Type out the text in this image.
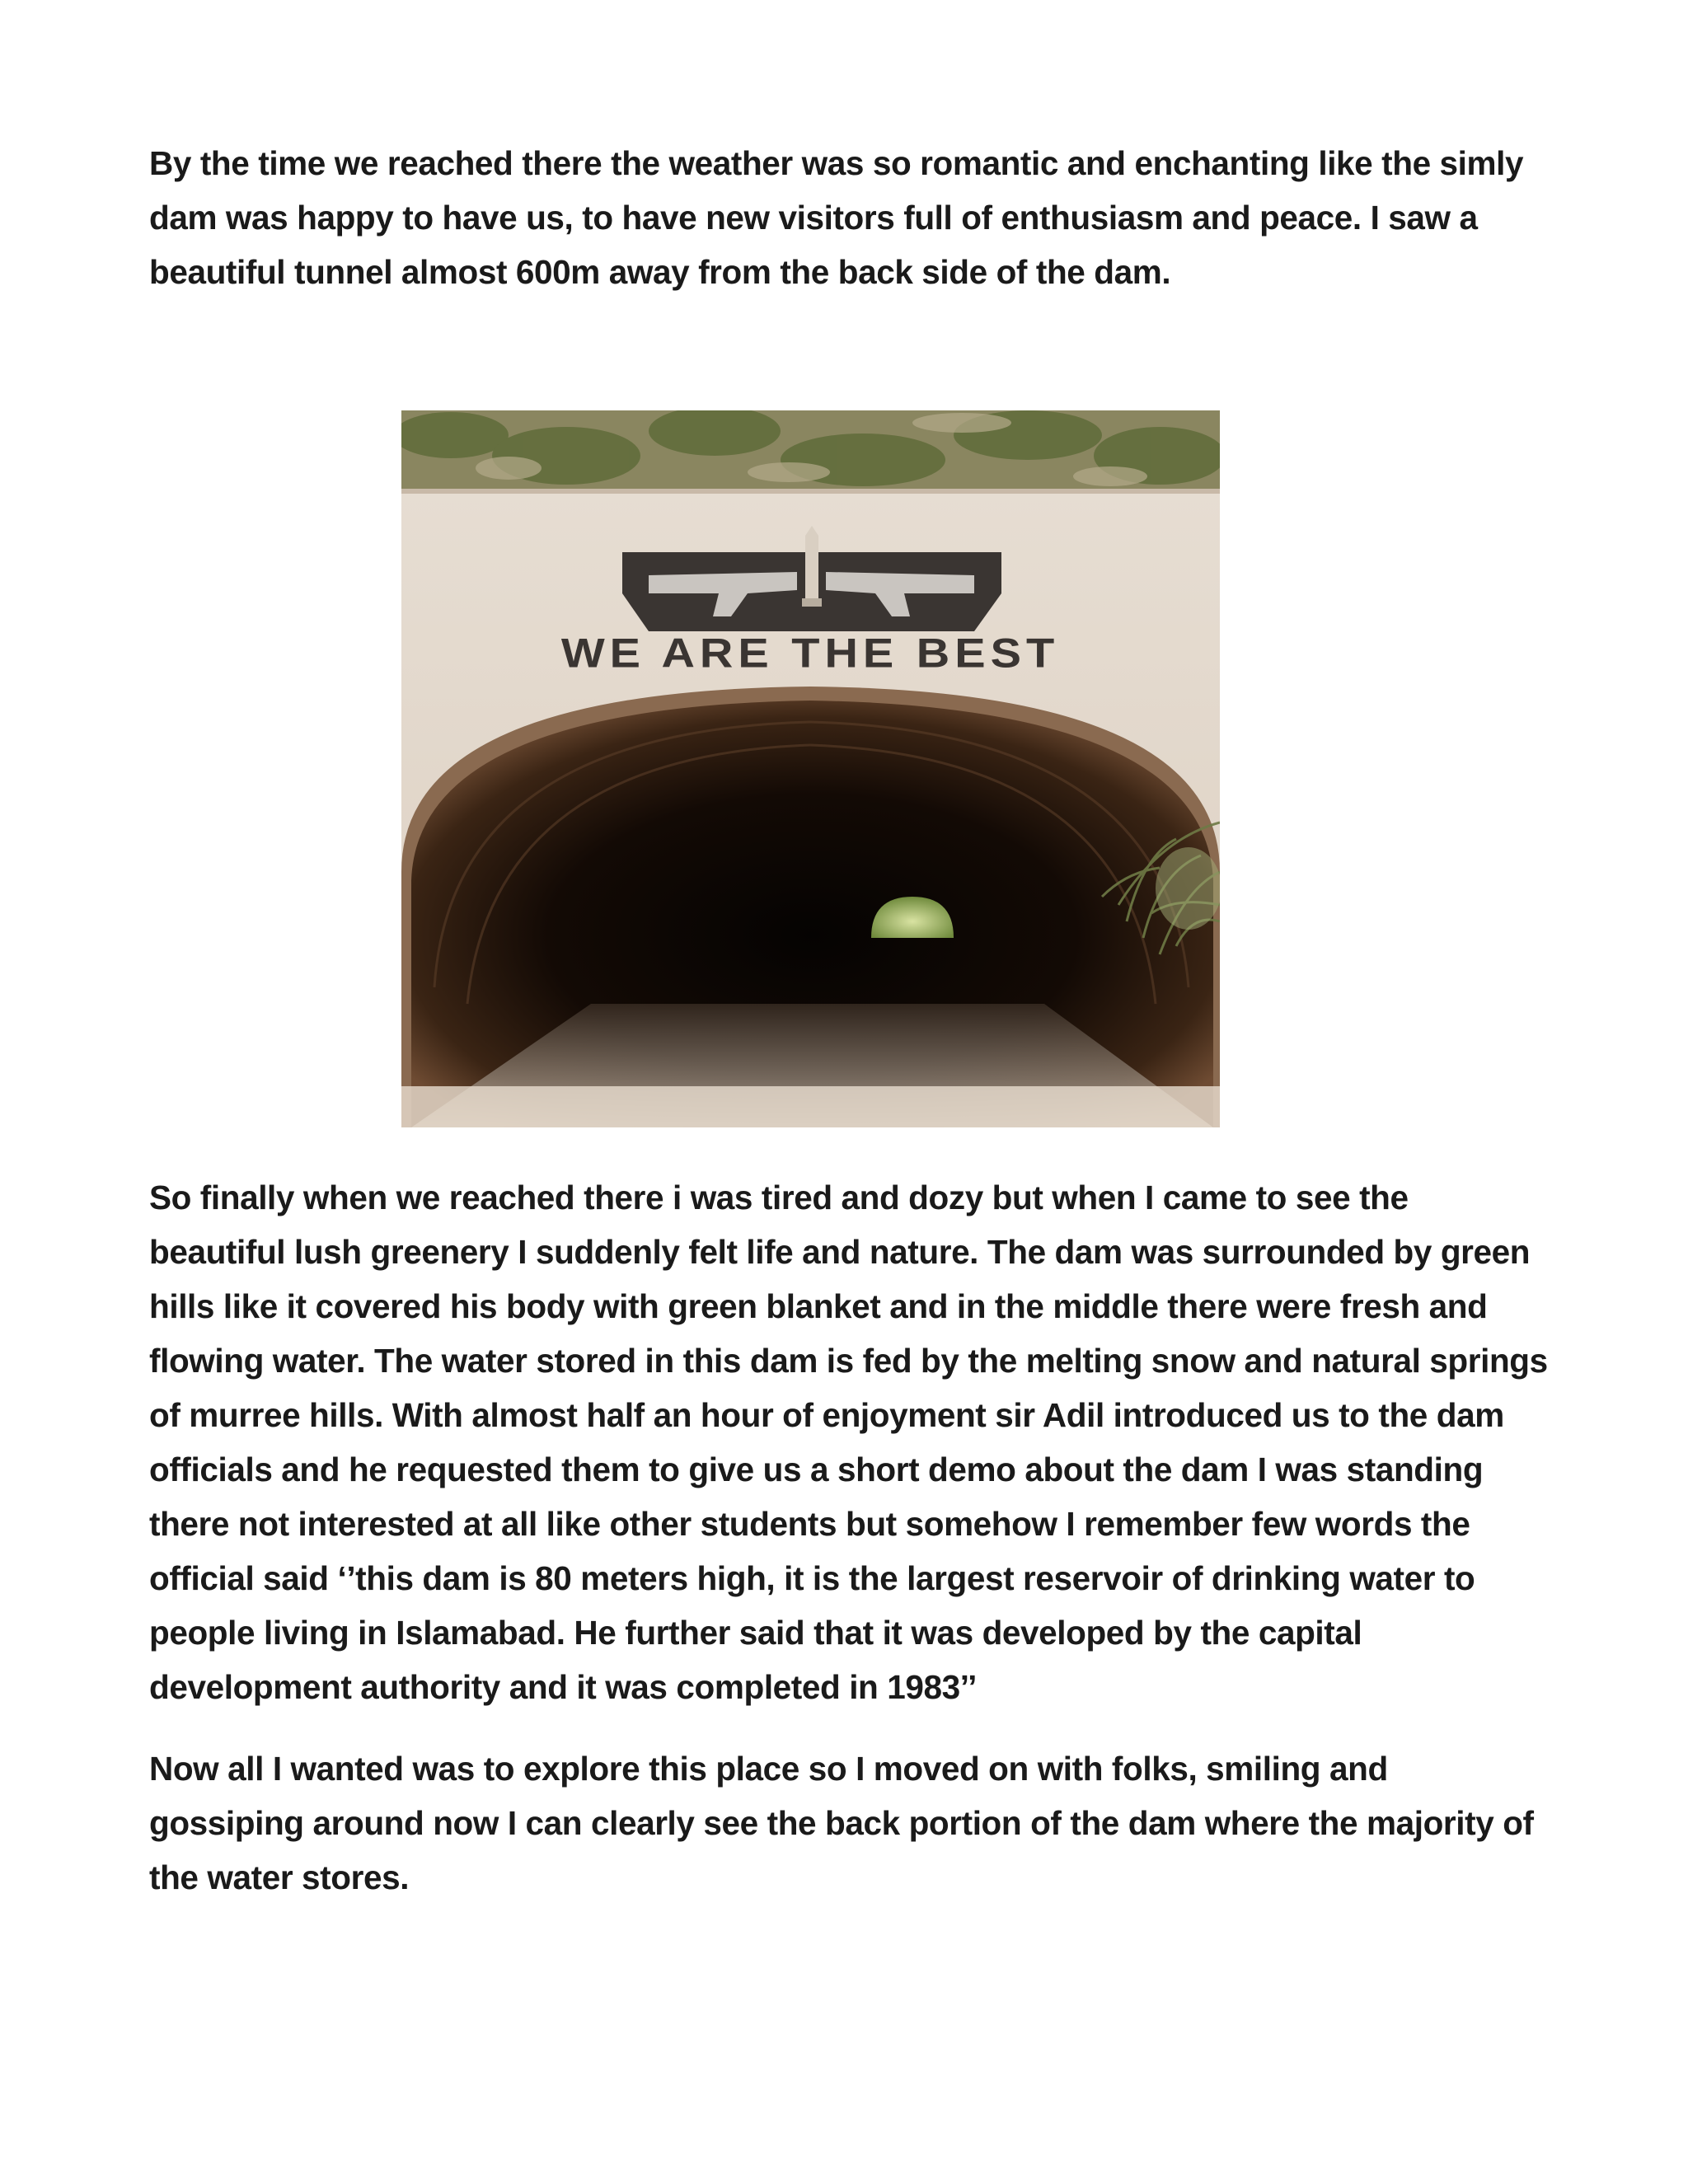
By the time we reached there the weather was so romantic and enchanting like the simly dam was happy to have us, to have new visitors full of enthusiasm and peace. I saw a beautiful tunnel almost 600m away from the back side of the dam.

WE ARE THE BEST

So finally when we reached there i was tired and dozy but when I came to see the beautiful lush greenery I suddenly felt life and nature. The dam was surrounded by green hills like it covered his body with green blanket and in the middle there were fresh and flowing water. The water stored in this dam is fed by the melting snow and natural springs of murree hills. With almost half an hour of enjoyment sir Adil introduced us to the dam officials and he requested them to give us a short demo about the dam I was standing there not interested at all like other students but somehow I remember few words the official said ‘’this dam is 80 meters high, it is the largest reservoir of drinking water to people living in Islamabad. He further said that it was developed by the capital development authority and it was completed in 1983’’

Now all I wanted was to explore this place so I moved on with folks, smiling and gossiping around now I can clearly see the back portion of the dam where the majority of the water stores.
